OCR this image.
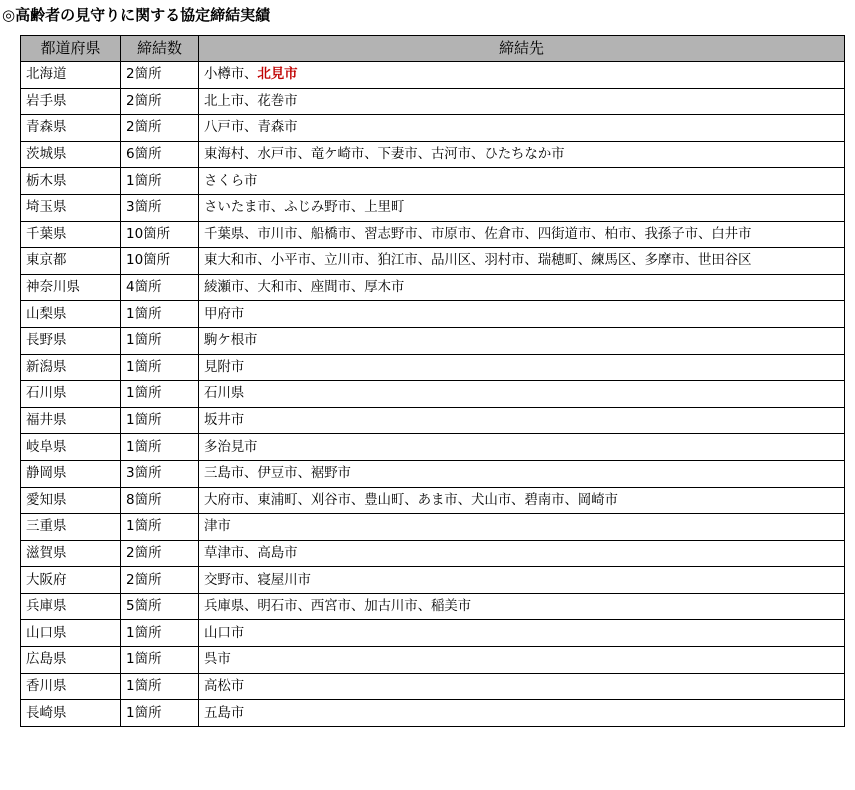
◎高齢者の見守りに関する協定締結実績
都道府県	締結数	締結先
北海道	2箇所	小樽市、北見市
岩手県	2箇所	北上市、花巻市
青森県	2箇所	八戸市、青森市
茨城県	6箇所	東海村、水戸市、竜ケ崎市、下妻市、古河市、ひたちなか市
栃木県	1箇所	さくら市
埼玉県	3箇所	さいたま市、ふじみ野市、上里町
千葉県	10箇所	千葉県、市川市、船橋市、習志野市、市原市、佐倉市、四街道市、柏市、我孫子市、白井市
東京都	10箇所	東大和市、小平市、立川市、狛江市、品川区、羽村市、瑞穂町、練馬区、多摩市、世田谷区
神奈川県	4箇所	綾瀬市、大和市、座間市、厚木市
山梨県	1箇所	甲府市
長野県	1箇所	駒ケ根市
新潟県	1箇所	見附市
石川県	1箇所	石川県
福井県	1箇所	坂井市
岐阜県	1箇所	多治見市
静岡県	3箇所	三島市、伊豆市、裾野市
愛知県	8箇所	大府市、東浦町、刈谷市、豊山町、あま市、犬山市、碧南市、岡崎市
三重県	1箇所	津市
滋賀県	2箇所	草津市、高島市
大阪府	2箇所	交野市、寝屋川市
兵庫県	5箇所	兵庫県、明石市、西宮市、加古川市、稲美市
山口県	1箇所	山口市
広島県	1箇所	呉市
香川県	1箇所	高松市
長崎県	1箇所	五島市
